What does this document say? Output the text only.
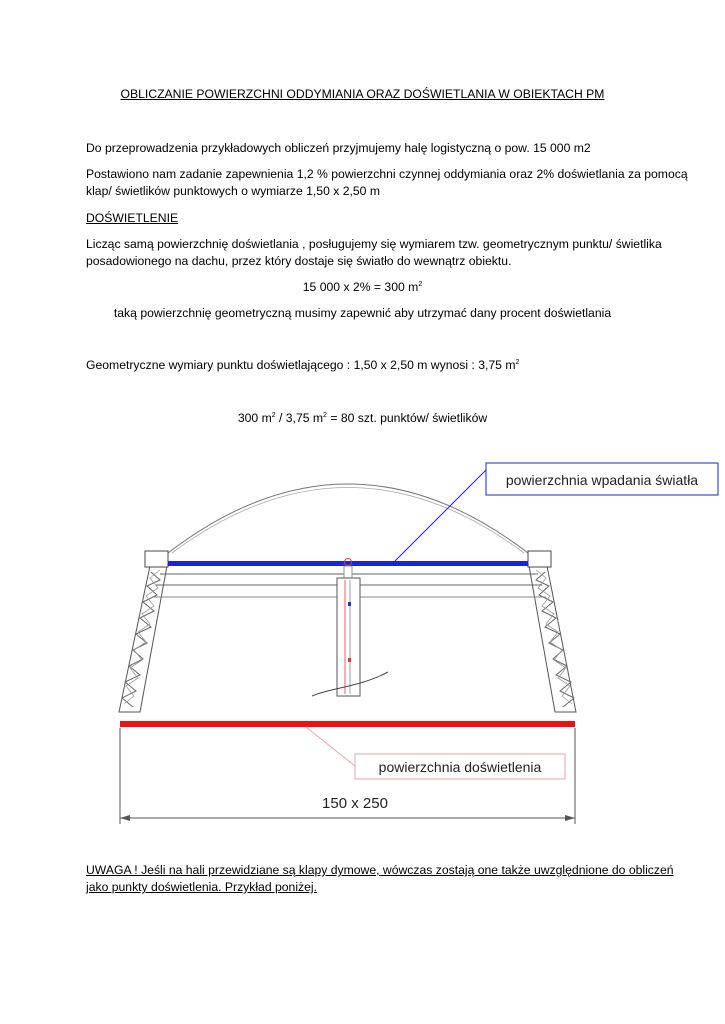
OBLICZANIE POWIERZCHNI ODDYMIANIA ORAZ DOŚWIETLANIA W OBIEKTACH PM
Do przeprowadzenia przykładowych obliczeń przyjmujemy halę logistyczną o pow. 15 000 m2
Postawiono nam zadanie zapewnienia 1,2 % powierzchni czynnej oddymiania oraz 2% doświetlania za pomocą
klap/ świetlików punktowych o wymiarze 1,50 x 2,50 m
DOŚWIETLENIE
Licząc samą powierzchnię doświetlania , posługujemy się wymiarem tzw. geometrycznym punktu/ świetlika
posadowionego na dachu, przez który dostaje się światło do wewnątrz obiektu.
15 000 x 2% = 300 $m^2$
taką powierzchnię geometryczną musimy zapewnić aby utrzymać dany procent doświetlania
Geometryczne wymiary punktu doświetlającego : 1,50 x 2,50 m wynosi : 3,75 $m^2$
300 $m^2 / 3,75$ $m^2 = 80$ szt. punktów/ świetlików
powierzchnia wpadania światła
powierzchnia doświetlenia
150 x 250
UWAGA ! Jeśli na hali przewidziane są klapy dymowe, wówczas zostają one także uwzględnione do obliczeń
jako punkty doświetlenia. Przykład poniżej.
